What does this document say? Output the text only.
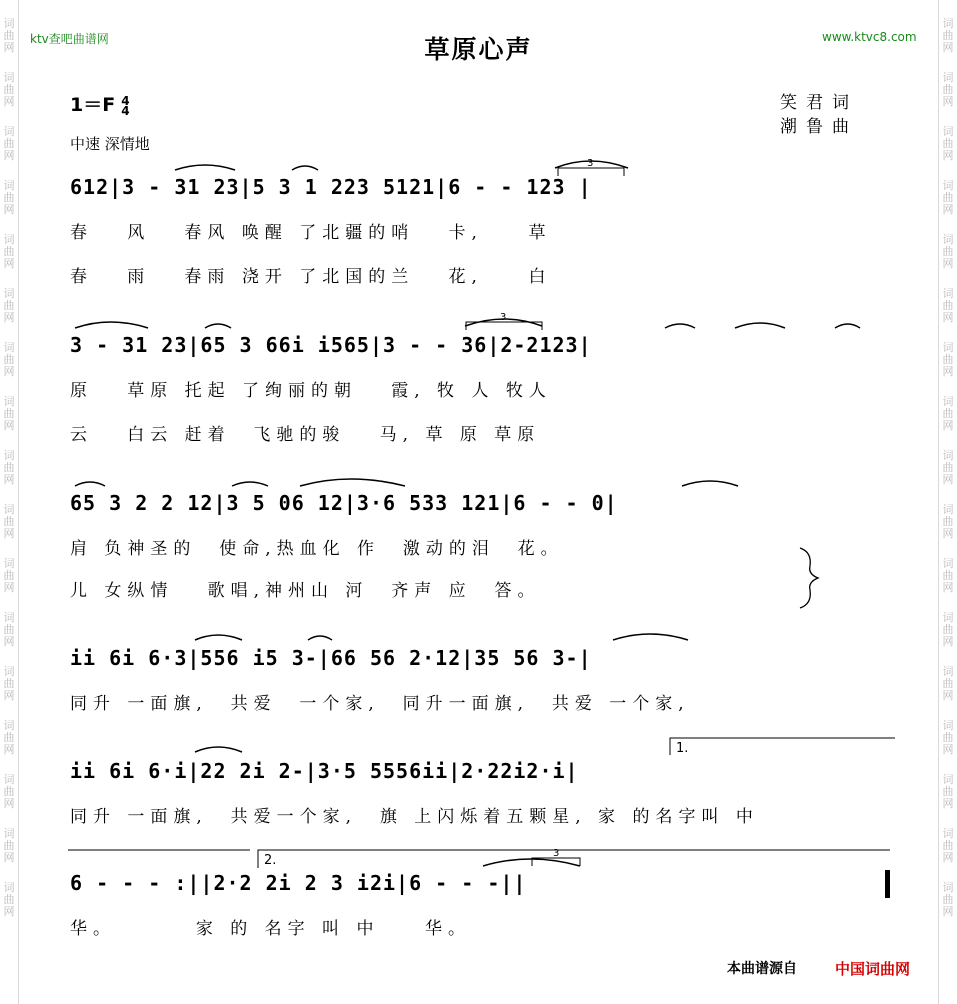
词
曲
网
词
曲
网
词
曲
网
词
曲
网
词
曲
网
词
曲
网
词
曲
网
词
曲
网
词
曲
网
词
曲
网
词
曲
网
词
曲
网
词
曲
网
词
曲
网
词
曲
网
词
曲
网
词
曲
网
词
曲
网
词
曲
网
词
曲
网
词
曲
网
词
曲
网
词
曲
网
词
曲
网
词
曲
网
词
曲
网
词
曲
网
词
曲
网
词
曲
网
词
曲
网
词
曲
网
词
曲
网
词
曲
网
词
曲
网
ktv查吧曲谱网	www.ktvc8.com
草原心声
1＝F 4
4
中速 深情地
笑君词
潮鲁曲
612|3 - 31 23|5 3 1 223 5121|6 - - 123 |
春   风   春风 唤醒 了北疆的哨   卡,    草
春   雨   春雨 浇开 了北国的兰   花,    白
3 - 31 23|65 3 66i i565|3 - - 36|2-2123|
原   草原 托起 了绚丽的朝   霞, 牧 人 牧人
云   白云 赶着  飞驰的骏   马, 草 原 草原
65 3 2 2 12|3 5 06 12|3·6 533 121|6 - - 0|
肩 负神圣的  使命,热血化 作  激动的泪  花。
儿 女纵情   歌唱,神州山 河  齐声 应  答。
ii 6i 6·3|556 i5 3-|66 56 2·12|35 56 3-|
同升 一面旗,  共爱  一个家,  同升一面旗,  共爱 一个家,
ii 6i 6·i|22 2i 2-|3·5 5556ii|2·22i2·i|
同升 一面旗,  共爱一个家,  旗 上闪烁着五颗星, 家 的名字叫 中
6 - - - :||2·2 2i 2 3 i2i|6 - - -||
华。       家 的 名字 叫 中    华。
3
3
3
1.
2.
本曲谱源自	中国词曲网
